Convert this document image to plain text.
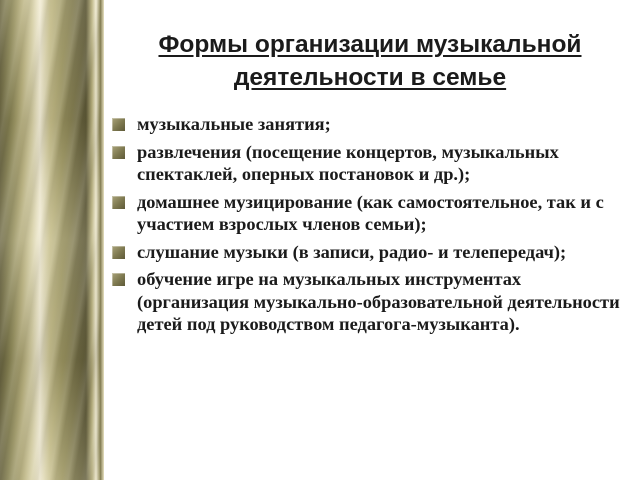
Формы организации музыкальной деятельности в семье
музыкальные занятия;
развлечения (посещение концертов, музыкальных спектаклей, оперных постановок и др.);
домашнее музицирование (как самостоятельное, так и с участием взрослых членов семьи);
слушание музыки (в записи, радио- и телепередач);
обучение игре на музыкальных инструментах (организация музыкально-образовательной деятельности детей под руководством педагога-музыканта).
